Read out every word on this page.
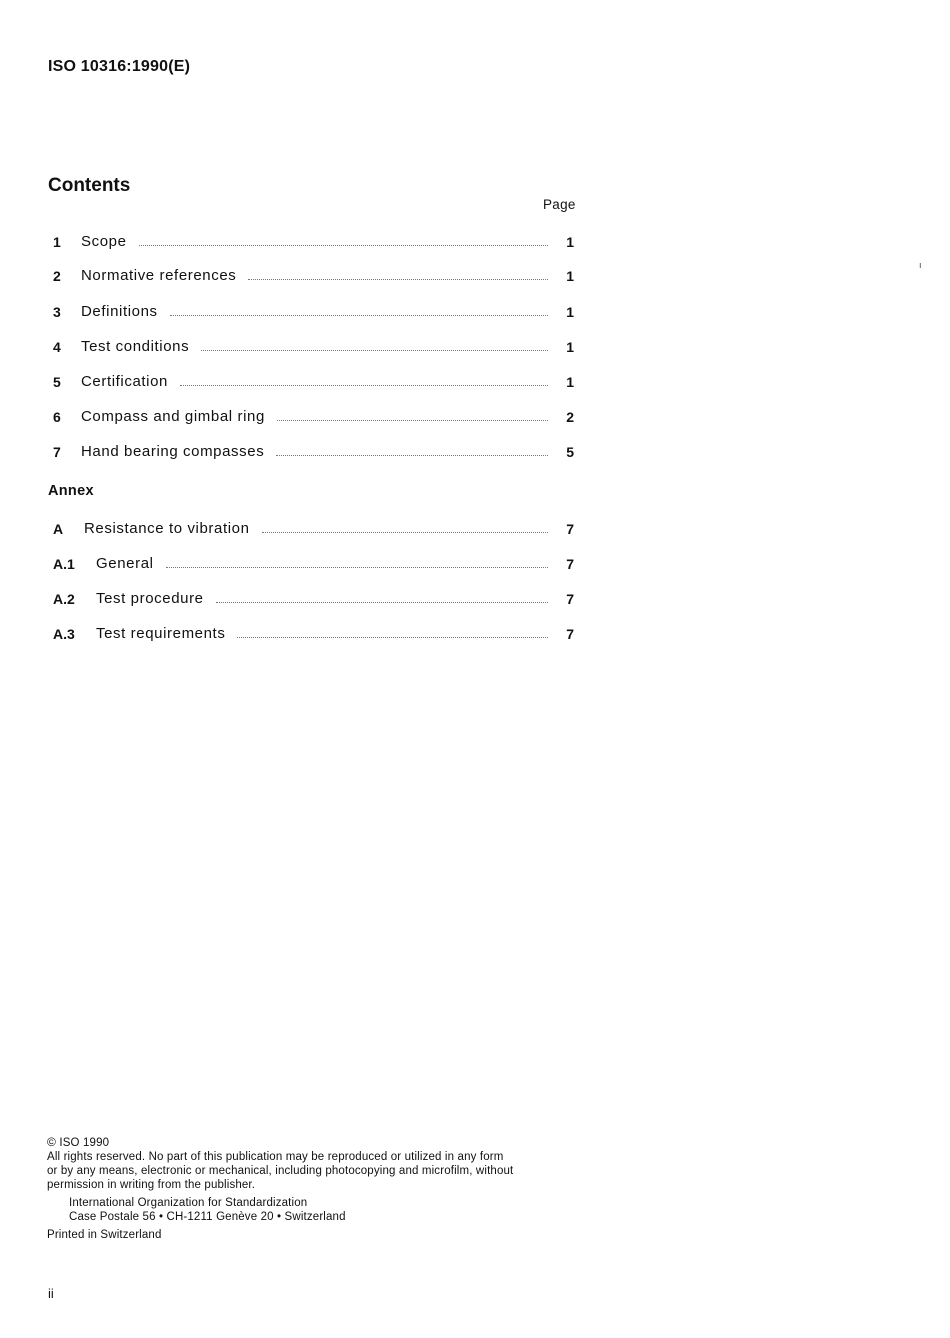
ISO 10316:1990(E)
Contents
Page
1	Scope	1
2	Normative references	1
3	Definitions	1
4	Test conditions	1
5	Certification	1
6	Compass and gimbal ring	2
7	Hand bearing compasses	5
Annex
A	Resistance to vibration	7
A.1	General	7
A.2	Test procedure	7
A.3	Test requirements	7
© ISO 1990
All rights reserved. No part of this publication may be reproduced or utilized in any form
or by any means, electronic or mechanical, including photocopying and microfilm, without
permission in writing from the publisher.
International Organization for Standardization
Case Postale 56 • CH-1211 Genève 20 • Switzerland
Printed in Switzerland
ii
ı
